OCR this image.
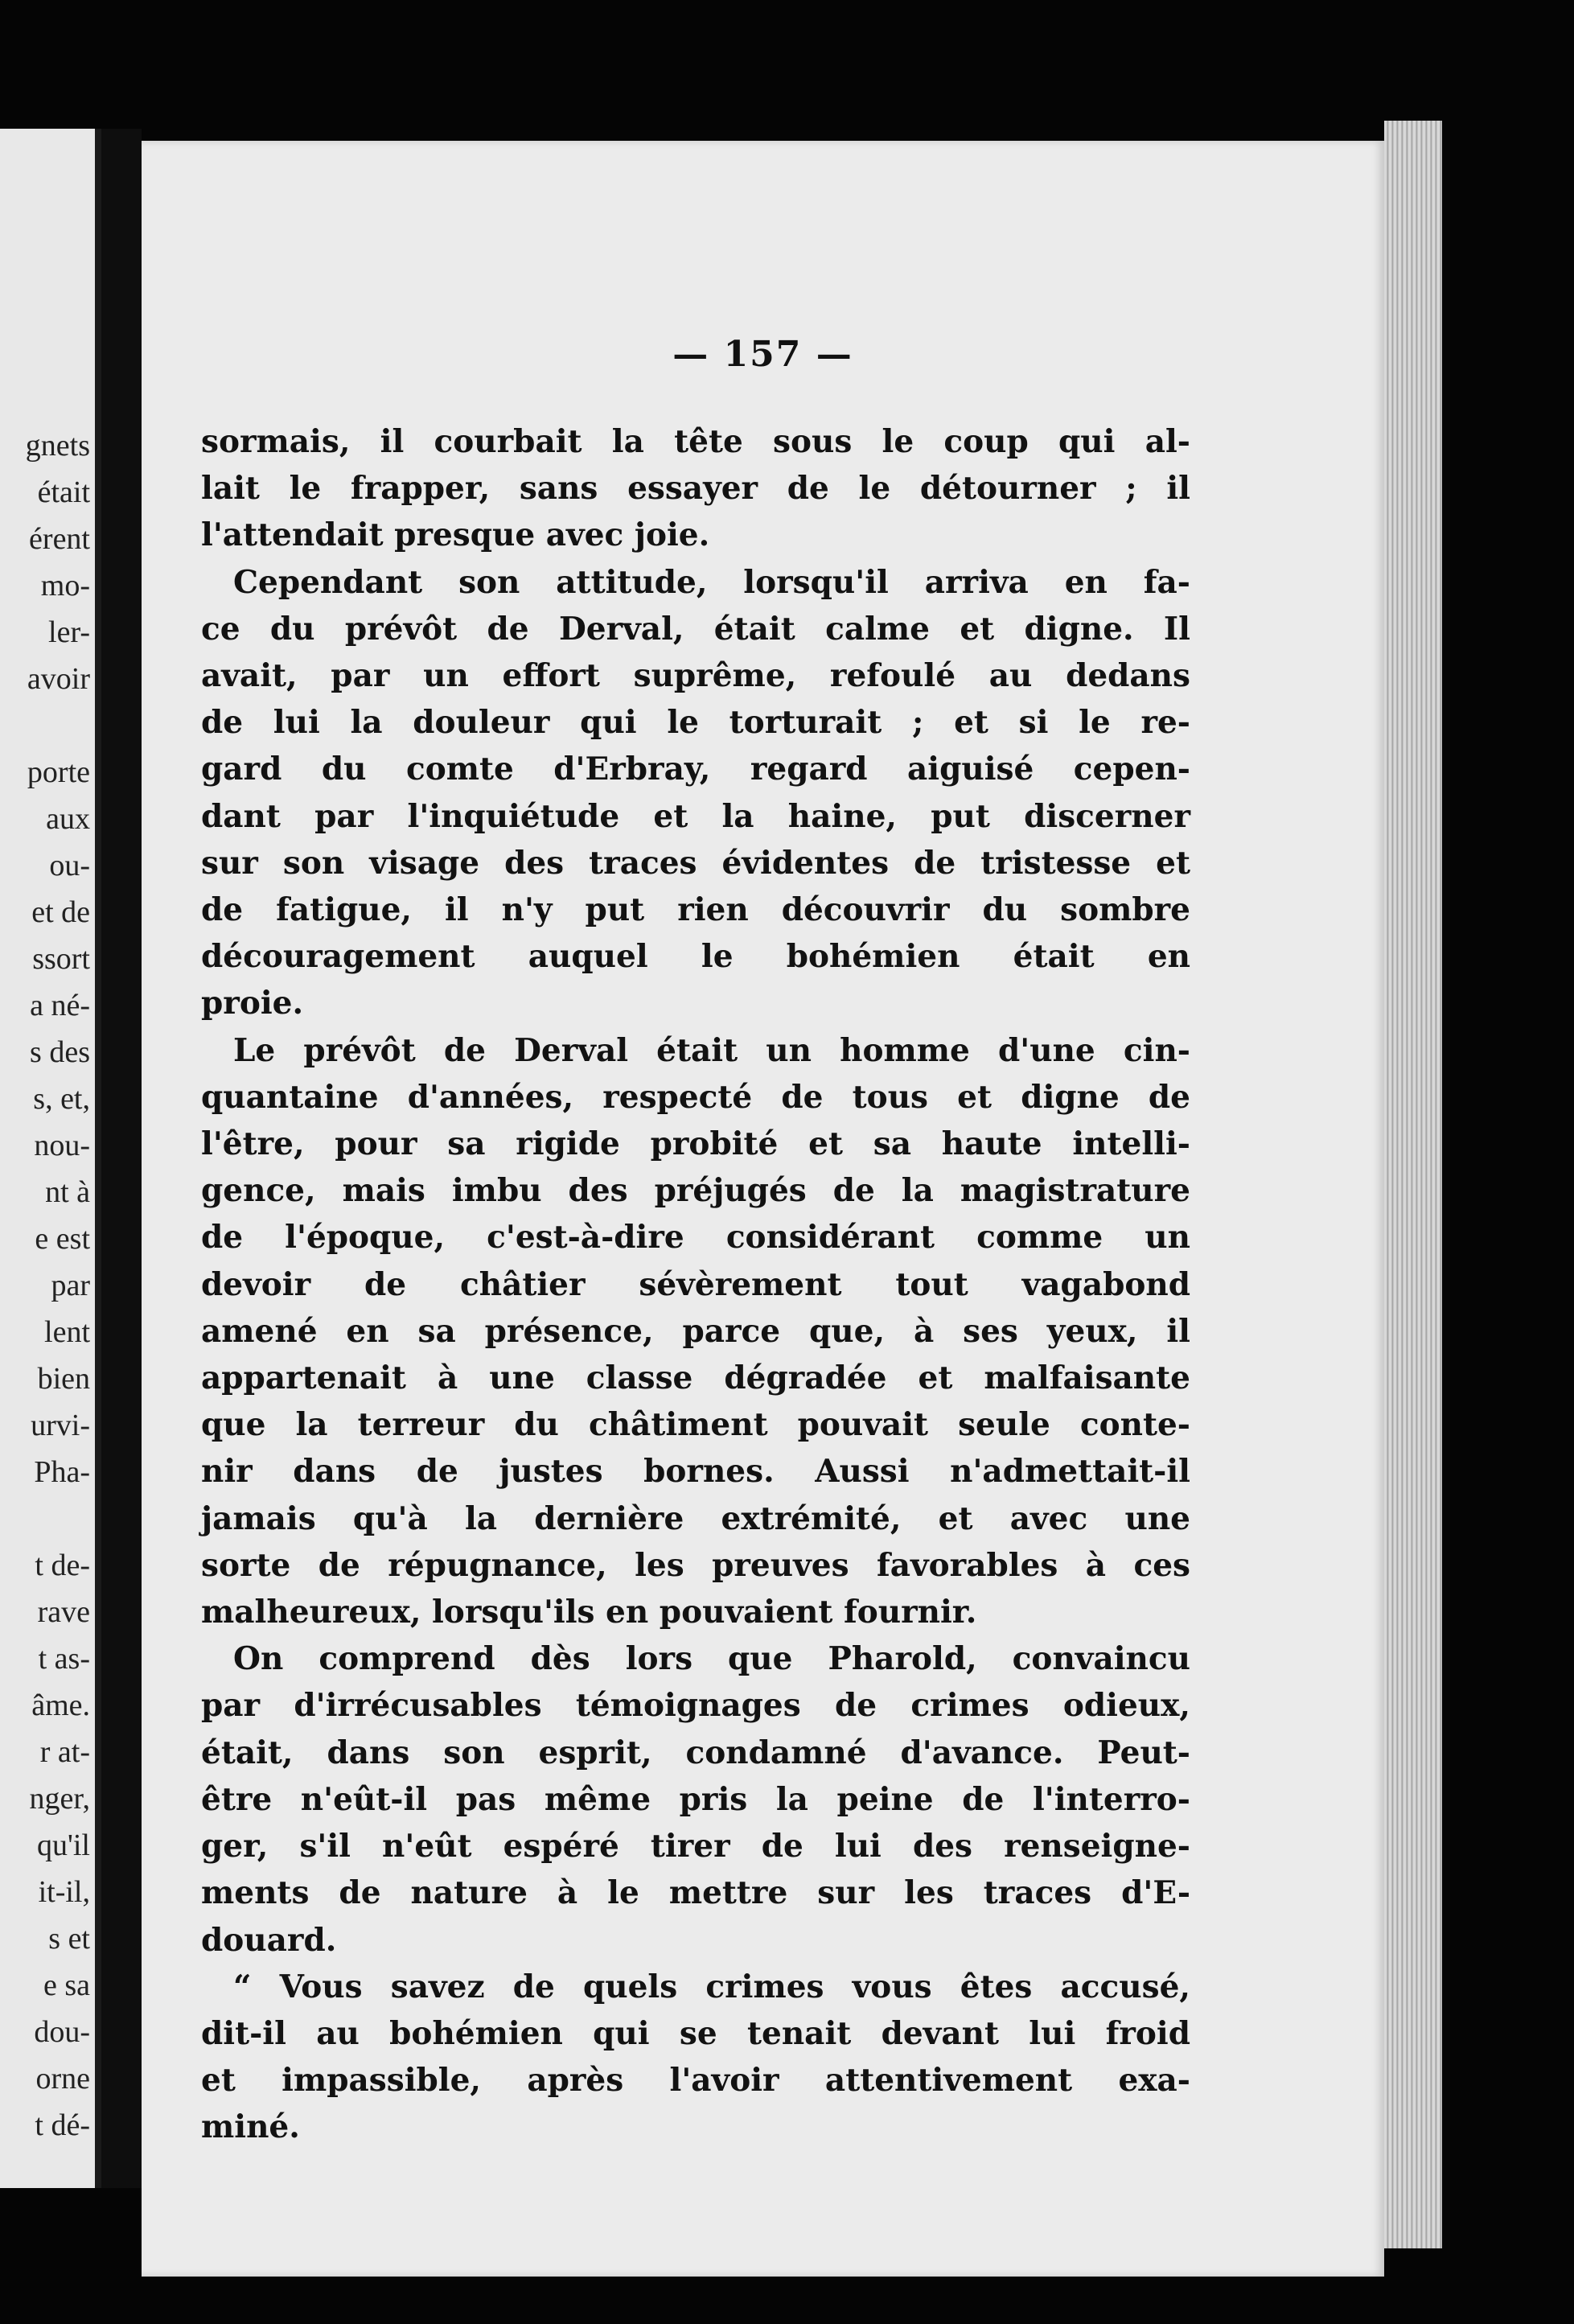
gnets
était
érent
mo-
ler-
avoir
porte
aux
ou-
et de
ssort
a né-
s des
s, et,
nou-
nt à
e est
par
lent
bien
urvi-
Pha-
t de-
rave
t as-
âme.
r at-
nger,
qu'il
it-il,
s et
e sa
dou-
orne
t dé-
— 157 —

sormais, il courbait la tête sous le coup qui al-

lait le frapper, sans essayer de le détourner ; il

l'attendait presque avec joie.

Cependant son attitude, lorsqu'il arriva en fa-

ce du prévôt de Derval, était calme et digne. Il

avait, par un effort suprême, refoulé au dedans

de lui la douleur qui le torturait ; et si le re-

gard du comte d'Erbray, regard aiguisé cepen-

dant par l'inquiétude et la haine, put discerner

sur son visage des traces évidentes de tristesse et

de fatigue, il n'y put rien découvrir du sombre

découragement auquel le bohémien était en

proie.

Le prévôt de Derval était un homme d'une cin-

quantaine d'années, respecté de tous et digne de

l'être, pour sa rigide probité et sa haute intelli-

gence, mais imbu des préjugés de la magistrature

de l'époque, c'est-à-dire considérant comme un

devoir de châtier sévèrement tout vagabond

amené en sa présence, parce que, à ses yeux, il

appartenait à une classe dégradée et malfaisante

que la terreur du châtiment pouvait seule conte-

nir dans de justes bornes. Aussi n'admettait-il

jamais qu'à la dernière extrémité, et avec une

sorte de répugnance, les preuves favorables à ces

malheureux, lorsqu'ils en pouvaient fournir.

On comprend dès lors que Pharold, convaincu

par d'irrécusables témoignages de crimes odieux,

était, dans son esprit, condamné d'avance. Peut-

être n'eût-il pas même pris la peine de l'interro-

ger, s'il n'eût espéré tirer de lui des renseigne-

ments de nature à le mettre sur les traces d'E-

douard.

“ Vous savez de quels crimes vous êtes accusé,

dit-il au bohémien qui se tenait devant lui froid

et impassible, après l'avoir attentivement exa-

miné.
